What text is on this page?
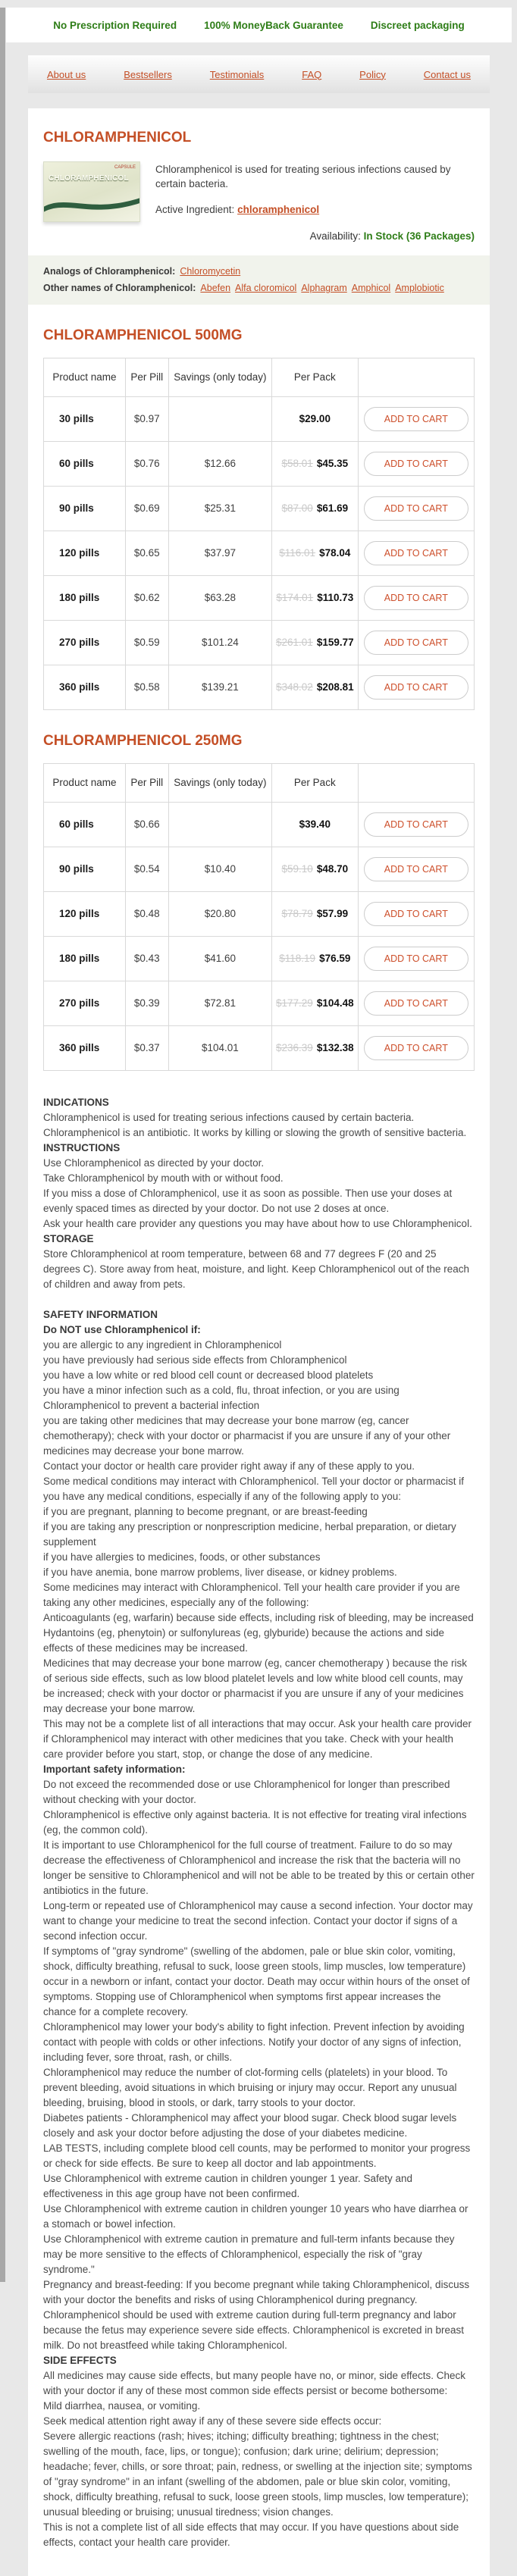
No Prescription Required	100% MoneyBack Guarantee	Discreet packaging
About us	Bestsellers	Testimonials	FAQ	Policy	Contact us
CHLORAMPHENICOL
CAPSULE
CHLORAMPHENICOL

Chloramphenicol is used for treating serious infections caused by certain bacteria.

Active Ingredient: chloramphenicol

Availability: In Stock (36 Packages)

Analogs of Chloramphenicol: Chloromycetin
Other names of Chloramphenicol: Abefen Alfa cloromicol Alphagram Amphicol Amplobiotic
CHLORAMPHENICOL 500MG
Product name	Per Pill	Savings (only today)	Per Pack	
30 pills	$0.97		$29.00	ADD TO CART
60 pills	$0.76	$12.66	$58.01 $45.35	ADD TO CART
90 pills	$0.69	$25.31	$87.00 $61.69	ADD TO CART
120 pills	$0.65	$37.97	$116.01 $78.04	ADD TO CART
180 pills	$0.62	$63.28	$174.01 $110.73	ADD TO CART
270 pills	$0.59	$101.24	$261.01 $159.77	ADD TO CART
360 pills	$0.58	$139.21	$348.02 $208.81	ADD TO CART
CHLORAMPHENICOL 250MG
Product name	Per Pill	Savings (only today)	Per Pack	
60 pills	$0.66		$39.40	ADD TO CART
90 pills	$0.54	$10.40	$59.10 $48.70	ADD TO CART
120 pills	$0.48	$20.80	$78.79 $57.99	ADD TO CART
180 pills	$0.43	$41.60	$118.19 $76.59	ADD TO CART
270 pills	$0.39	$72.81	$177.29 $104.48	ADD TO CART
360 pills	$0.37	$104.01	$236.39 $132.38	ADD TO CART
INDICATIONS
Chloramphenicol is used for treating serious infections caused by certain bacteria. Chloramphenicol is an antibiotic. It works by killing or slowing the growth of sensitive bacteria.
INSTRUCTIONS
Use Chloramphenicol as directed by your doctor.
Take Chloramphenicol by mouth with or without food.
If you miss a dose of Chloramphenicol, use it as soon as possible. Then use your doses at evenly spaced times as directed by your doctor. Do not use 2 doses at once.
Ask your health care provider any questions you may have about how to use Chloramphenicol.
STORAGE
Store Chloramphenicol at room temperature, between 68 and 77 degrees F (20 and 25 degrees C). Store away from heat, moisture, and light. Keep Chloramphenicol out of the reach of children and away from pets.
SAFETY INFORMATION
Do NOT use Chloramphenicol if:
you are allergic to any ingredient in Chloramphenicol
you have previously had serious side effects from Chloramphenicol
you have a low white or red blood cell count or decreased blood platelets
you have a minor infection such as a cold, flu, throat infection, or you are using Chloramphenicol to prevent a bacterial infection
you are taking other medicines that may decrease your bone marrow (eg, cancer chemotherapy); check with your doctor or pharmacist if you are unsure if any of your other medicines may decrease your bone marrow.
Contact your doctor or health care provider right away if any of these apply to you.
Some medical conditions may interact with Chloramphenicol. Tell your doctor or pharmacist if you have any medical conditions, especially if any of the following apply to you:
if you are pregnant, planning to become pregnant, or are breast-feeding
if you are taking any prescription or nonprescription medicine, herbal preparation, or dietary supplement
if you have allergies to medicines, foods, or other substances
if you have anemia, bone marrow problems, liver disease, or kidney problems.
Some medicines may interact with Chloramphenicol. Tell your health care provider if you are taking any other medicines, especially any of the following:
Anticoagulants (eg, warfarin) because side effects, including risk of bleeding, may be increased
Hydantoins (eg, phenytoin) or sulfonylureas (eg, glyburide) because the actions and side effects of these medicines may be increased.
Medicines that may decrease your bone marrow (eg, cancer chemotherapy ) because the risk of serious side effects, such as low blood platelet levels and low white blood cell counts, may be increased; check with your doctor or pharmacist if you are unsure if any of your medicines may decrease your bone marrow.
This may not be a complete list of all interactions that may occur. Ask your health care provider if Chloramphenicol may interact with other medicines that you take. Check with your health care provider before you start, stop, or change the dose of any medicine.
Important safety information:
Do not exceed the recommended dose or use Chloramphenicol for longer than prescribed without checking with your doctor.
Chloramphenicol is effective only against bacteria. It is not effective for treating viral infections (eg, the common cold).
It is important to use Chloramphenicol for the full course of treatment. Failure to do so may decrease the effectiveness of Chloramphenicol and increase the risk that the bacteria will no longer be sensitive to Chloramphenicol and will not be able to be treated by this or certain other antibiotics in the future.
Long-term or repeated use of Chloramphenicol may cause a second infection. Your doctor may want to change your medicine to treat the second infection. Contact your doctor if signs of a second infection occur.
If symptoms of "gray syndrome" (swelling of the abdomen, pale or blue skin color, vomiting, shock, difficulty breathing, refusal to suck, loose green stools, limp muscles, low temperature) occur in a newborn or infant, contact your doctor. Death may occur within hours of the onset of symptoms. Stopping use of Chloramphenicol when symptoms first appear increases the chance for a complete recovery.
Chloramphenicol may lower your body's ability to fight infection. Prevent infection by avoiding contact with people with colds or other infections. Notify your doctor of any signs of infection, including fever, sore throat, rash, or chills.
Chloramphenicol may reduce the number of clot-forming cells (platelets) in your blood. To prevent bleeding, avoid situations in which bruising or injury may occur. Report any unusual bleeding, bruising, blood in stools, or dark, tarry stools to your doctor.
Diabetes patients - Chloramphenicol may affect your blood sugar. Check blood sugar levels closely and ask your doctor before adjusting the dose of your diabetes medicine.
LAB TESTS, including complete blood cell counts, may be performed to monitor your progress or check for side effects. Be sure to keep all doctor and lab appointments.
Use Chloramphenicol with extreme caution in children younger 1 year. Safety and effectiveness in this age group have not been confirmed.
Use Chloramphenicol with extreme caution in children younger 10 years who have diarrhea or a stomach or bowel infection.
Use Chloramphenicol with extreme caution in premature and full-term infants because they may be more sensitive to the effects of Chloramphenicol, especially the risk of "gray syndrome."
Pregnancy and breast-feeding: If you become pregnant while taking Chloramphenicol, discuss with your doctor the benefits and risks of using Chloramphenicol during pregnancy. Chloramphenicol should be used with extreme caution during full-term pregnancy and labor because the fetus may experience severe side effects. Chloramphenicol is excreted in breast milk. Do not breastfeed while taking Chloramphenicol.
SIDE EFFECTS
All medicines may cause side effects, but many people have no, or minor, side effects. Check with your doctor if any of these most common side effects persist or become bothersome:
Mild diarrhea, nausea, or vomiting.
Seek medical attention right away if any of these severe side effects occur:
Severe allergic reactions (rash; hives; itching; difficulty breathing; tightness in the chest; swelling of the mouth, face, lips, or tongue); confusion; dark urine; delirium; depression; headache; fever, chills, or sore throat; pain, redness, or swelling at the injection site; symptoms of "gray syndrome" in an infant (swelling of the abdomen, pale or blue skin color, vomiting, shock, difficulty breathing, refusal to suck, loose green stools, limp muscles, low temperature); unusual bleeding or bruising; unusual tiredness; vision changes.
This is not a complete list of all side effects that may occur. If you have questions about side effects, contact your health care provider.
